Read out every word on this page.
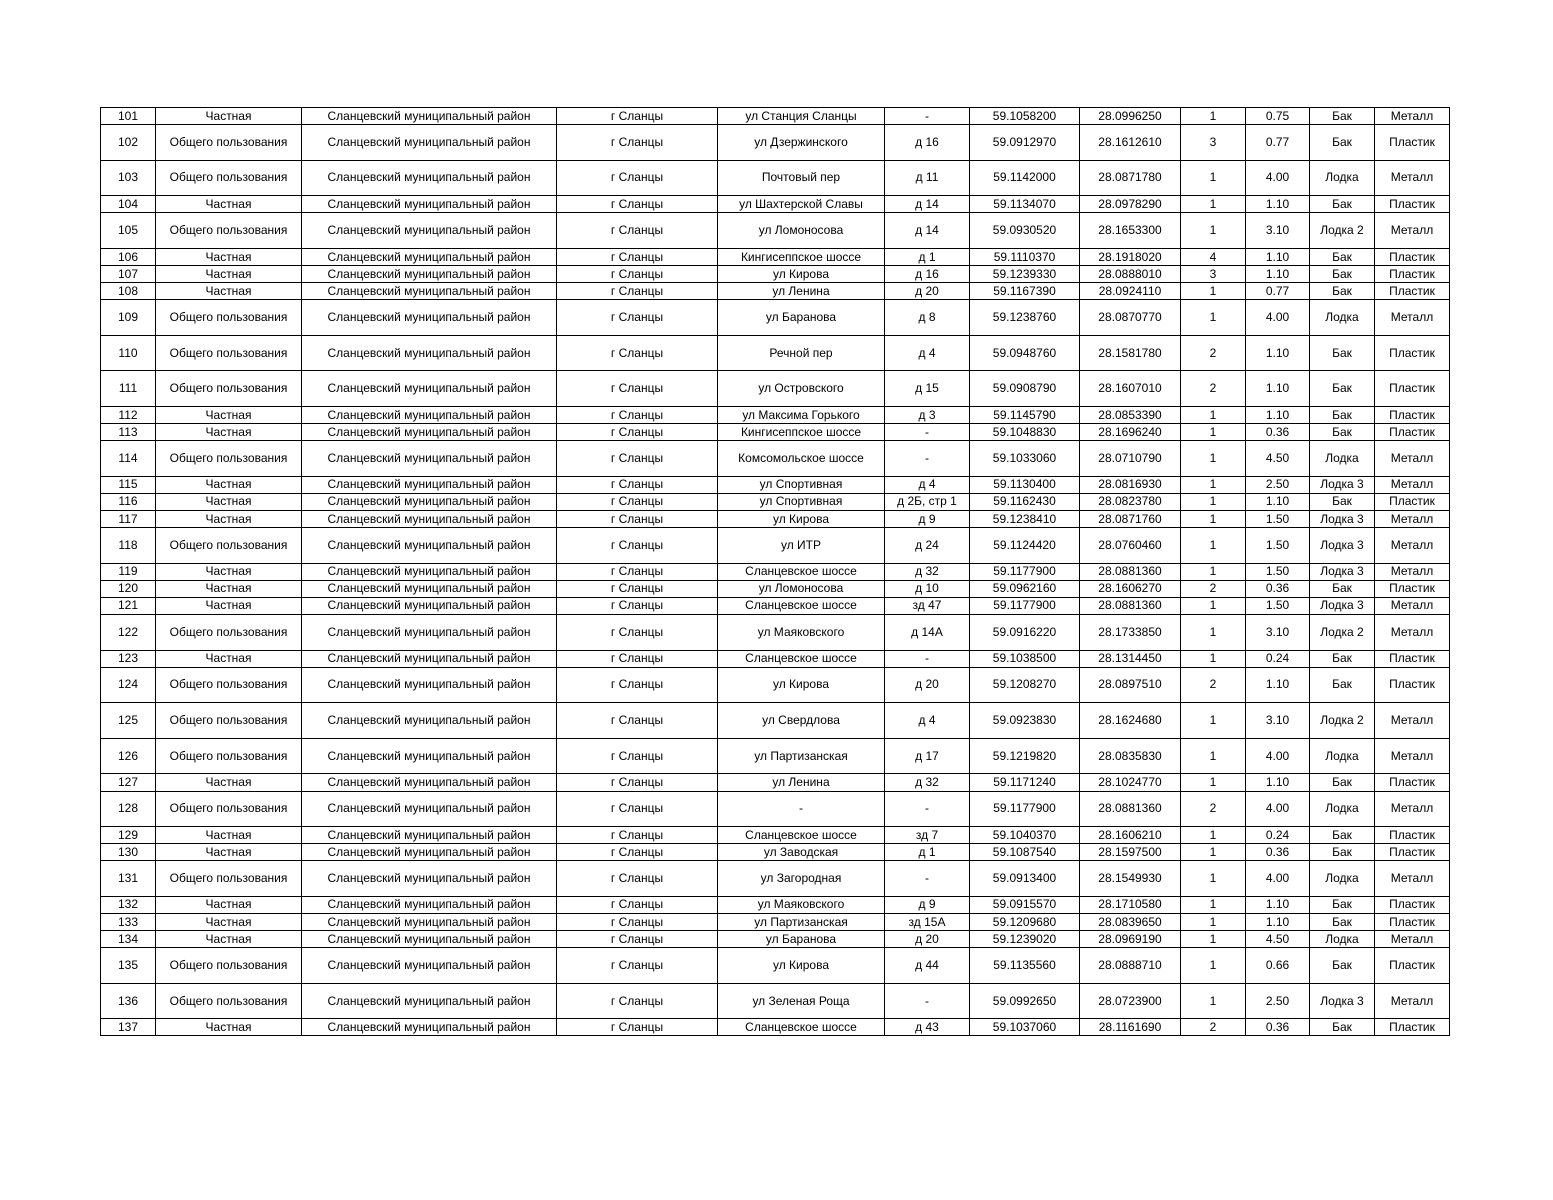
101	Частная	Сланцевский муниципальный район	г Сланцы	ул Станция Сланцы	-	59.1058200	28.0996250	1	0.75	Бак	Металл
102	Общего пользования	Сланцевский муниципальный район	г Сланцы	ул Дзержинского	д 16	59.0912970	28.1612610	3	0.77	Бак	Пластик
103	Общего пользования	Сланцевский муниципальный район	г Сланцы	Почтовый пер	д 11	59.1142000	28.0871780	1	4.00	Лодка	Металл
104	Частная	Сланцевский муниципальный район	г Сланцы	ул Шахтерской Славы	д 14	59.1134070	28.0978290	1	1.10	Бак	Пластик
105	Общего пользования	Сланцевский муниципальный район	г Сланцы	ул Ломоносова	д 14	59.0930520	28.1653300	1	3.10	Лодка 2	Металл
106	Частная	Сланцевский муниципальный район	г Сланцы	Кингисеппское шоссе	д 1	59.1110370	28.1918020	4	1.10	Бак	Пластик
107	Частная	Сланцевский муниципальный район	г Сланцы	ул Кирова	д 16	59.1239330	28.0888010	3	1.10	Бак	Пластик
108	Частная	Сланцевский муниципальный район	г Сланцы	ул Ленина	д 20	59.1167390	28.0924110	1	0.77	Бак	Пластик
109	Общего пользования	Сланцевский муниципальный район	г Сланцы	ул Баранова	д 8	59.1238760	28.0870770	1	4.00	Лодка	Металл
110	Общего пользования	Сланцевский муниципальный район	г Сланцы	Речной пер	д 4	59.0948760	28.1581780	2	1.10	Бак	Пластик
111	Общего пользования	Сланцевский муниципальный район	г Сланцы	ул Островского	д 15	59.0908790	28.1607010	2	1.10	Бак	Пластик
112	Частная	Сланцевский муниципальный район	г Сланцы	ул Максима Горького	д 3	59.1145790	28.0853390	1	1.10	Бак	Пластик
113	Частная	Сланцевский муниципальный район	г Сланцы	Кингисеппское шоссе	-	59.1048830	28.1696240	1	0.36	Бак	Пластик
114	Общего пользования	Сланцевский муниципальный район	г Сланцы	Комсомольское шоссе	-	59.1033060	28.0710790	1	4.50	Лодка	Металл
115	Частная	Сланцевский муниципальный район	г Сланцы	ул Спортивная	д 4	59.1130400	28.0816930	1	2.50	Лодка 3	Металл
116	Частная	Сланцевский муниципальный район	г Сланцы	ул Спортивная	д 2Б, стр 1	59.1162430	28.0823780	1	1.10	Бак	Пластик
117	Частная	Сланцевский муниципальный район	г Сланцы	ул Кирова	д 9	59.1238410	28.0871760	1	1.50	Лодка 3	Металл
118	Общего пользования	Сланцевский муниципальный район	г Сланцы	ул ИТР	д 24	59.1124420	28.0760460	1	1.50	Лодка 3	Металл
119	Частная	Сланцевский муниципальный район	г Сланцы	Сланцевское шоссе	д 32	59.1177900	28.0881360	1	1.50	Лодка 3	Металл
120	Частная	Сланцевский муниципальный район	г Сланцы	ул Ломоносова	д 10	59.0962160	28.1606270	2	0.36	Бак	Пластик
121	Частная	Сланцевский муниципальный район	г Сланцы	Сланцевское шоссе	зд 47	59.1177900	28.0881360	1	1.50	Лодка 3	Металл
122	Общего пользования	Сланцевский муниципальный район	г Сланцы	ул Маяковского	д 14А	59.0916220	28.1733850	1	3.10	Лодка 2	Металл
123	Частная	Сланцевский муниципальный район	г Сланцы	Сланцевское шоссе	-	59.1038500	28.1314450	1	0.24	Бак	Пластик
124	Общего пользования	Сланцевский муниципальный район	г Сланцы	ул Кирова	д 20	59.1208270	28.0897510	2	1.10	Бак	Пластик
125	Общего пользования	Сланцевский муниципальный район	г Сланцы	ул Свердлова	д 4	59.0923830	28.1624680	1	3.10	Лодка 2	Металл
126	Общего пользования	Сланцевский муниципальный район	г Сланцы	ул Партизанская	д 17	59.1219820	28.0835830	1	4.00	Лодка	Металл
127	Частная	Сланцевский муниципальный район	г Сланцы	ул Ленина	д 32	59.1171240	28.1024770	1	1.10	Бак	Пластик
128	Общего пользования	Сланцевский муниципальный район	г Сланцы	-	-	59.1177900	28.0881360	2	4.00	Лодка	Металл
129	Частная	Сланцевский муниципальный район	г Сланцы	Сланцевское шоссе	зд 7	59.1040370	28.1606210	1	0.24	Бак	Пластик
130	Частная	Сланцевский муниципальный район	г Сланцы	ул Заводская	д 1	59.1087540	28.1597500	1	0.36	Бак	Пластик
131	Общего пользования	Сланцевский муниципальный район	г Сланцы	ул Загородная	-	59.0913400	28.1549930	1	4.00	Лодка	Металл
132	Частная	Сланцевский муниципальный район	г Сланцы	ул Маяковского	д 9	59.0915570	28.1710580	1	1.10	Бак	Пластик
133	Частная	Сланцевский муниципальный район	г Сланцы	ул Партизанская	зд 15А	59.1209680	28.0839650	1	1.10	Бак	Пластик
134	Частная	Сланцевский муниципальный район	г Сланцы	ул Баранова	д 20	59.1239020	28.0969190	1	4.50	Лодка	Металл
135	Общего пользования	Сланцевский муниципальный район	г Сланцы	ул Кирова	д 44	59.1135560	28.0888710	1	0.66	Бак	Пластик
136	Общего пользования	Сланцевский муниципальный район	г Сланцы	ул Зеленая Роща	-	59.0992650	28.0723900	1	2.50	Лодка 3	Металл
137	Частная	Сланцевский муниципальный район	г Сланцы	Сланцевское шоссе	д 43	59.1037060	28.1161690	2	0.36	Бак	Пластик
